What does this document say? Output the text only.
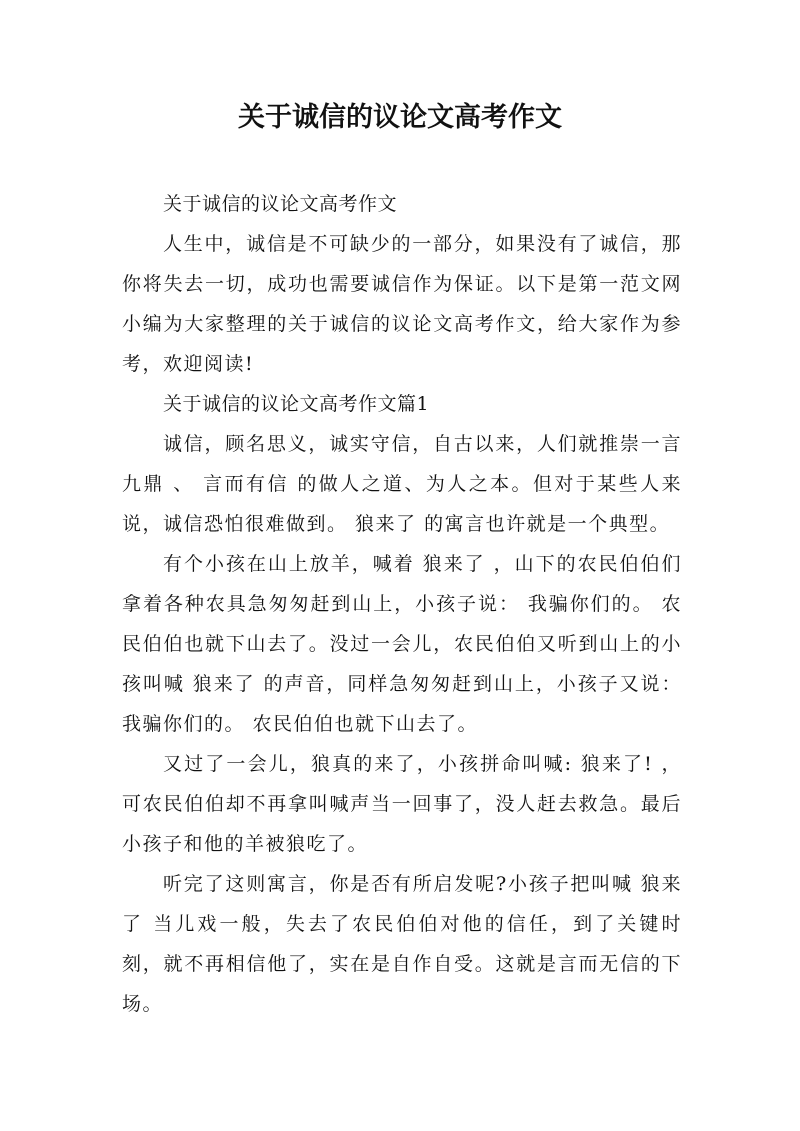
关于诚信的议论文高考作文

关于诚信的议论文高考作文

人生中，诚信是不可缺少的一部分，如果没有了诚信，那你将失去一切，成功也需要诚信作为保证。以下是第一范文网小编为大家整理的关于诚信的议论文高考作文，给大家作为参考，欢迎阅读!

关于诚信的议论文高考作文篇1

诚信，顾名思义，诚实守信，自古以来，人们就推崇一言九鼎 、 言而有信 的做人之道、为人之本。但对于某些人来说，诚信恐怕很难做到。 狼来了 的寓言也许就是一个典型。

有个小孩在山上放羊，喊着 狼来了 ，山下的农民伯伯们拿着各种农具急匆匆赶到山上，小孩子说： 我骗你们的。 农民伯伯也就下山去了。没过一会儿，农民伯伯又听到山上的小孩叫喊 狼来了 的声音，同样急匆匆赶到山上，小孩子又说： 我骗你们的。 农民伯伯也就下山去了。

又过了一会儿，狼真的来了，小孩拼命叫喊: 狼来了! ，可农民伯伯却不再拿叫喊声当一回事了，没人赶去救急。最后小孩子和他的羊被狼吃了。

听完了这则寓言，你是否有所启发呢?小孩子把叫喊 狼来了 当儿戏一般，失去了农民伯伯对他的信任，到了关键时刻，就不再相信他了，实在是自作自受。这就是言而无信的下场。
